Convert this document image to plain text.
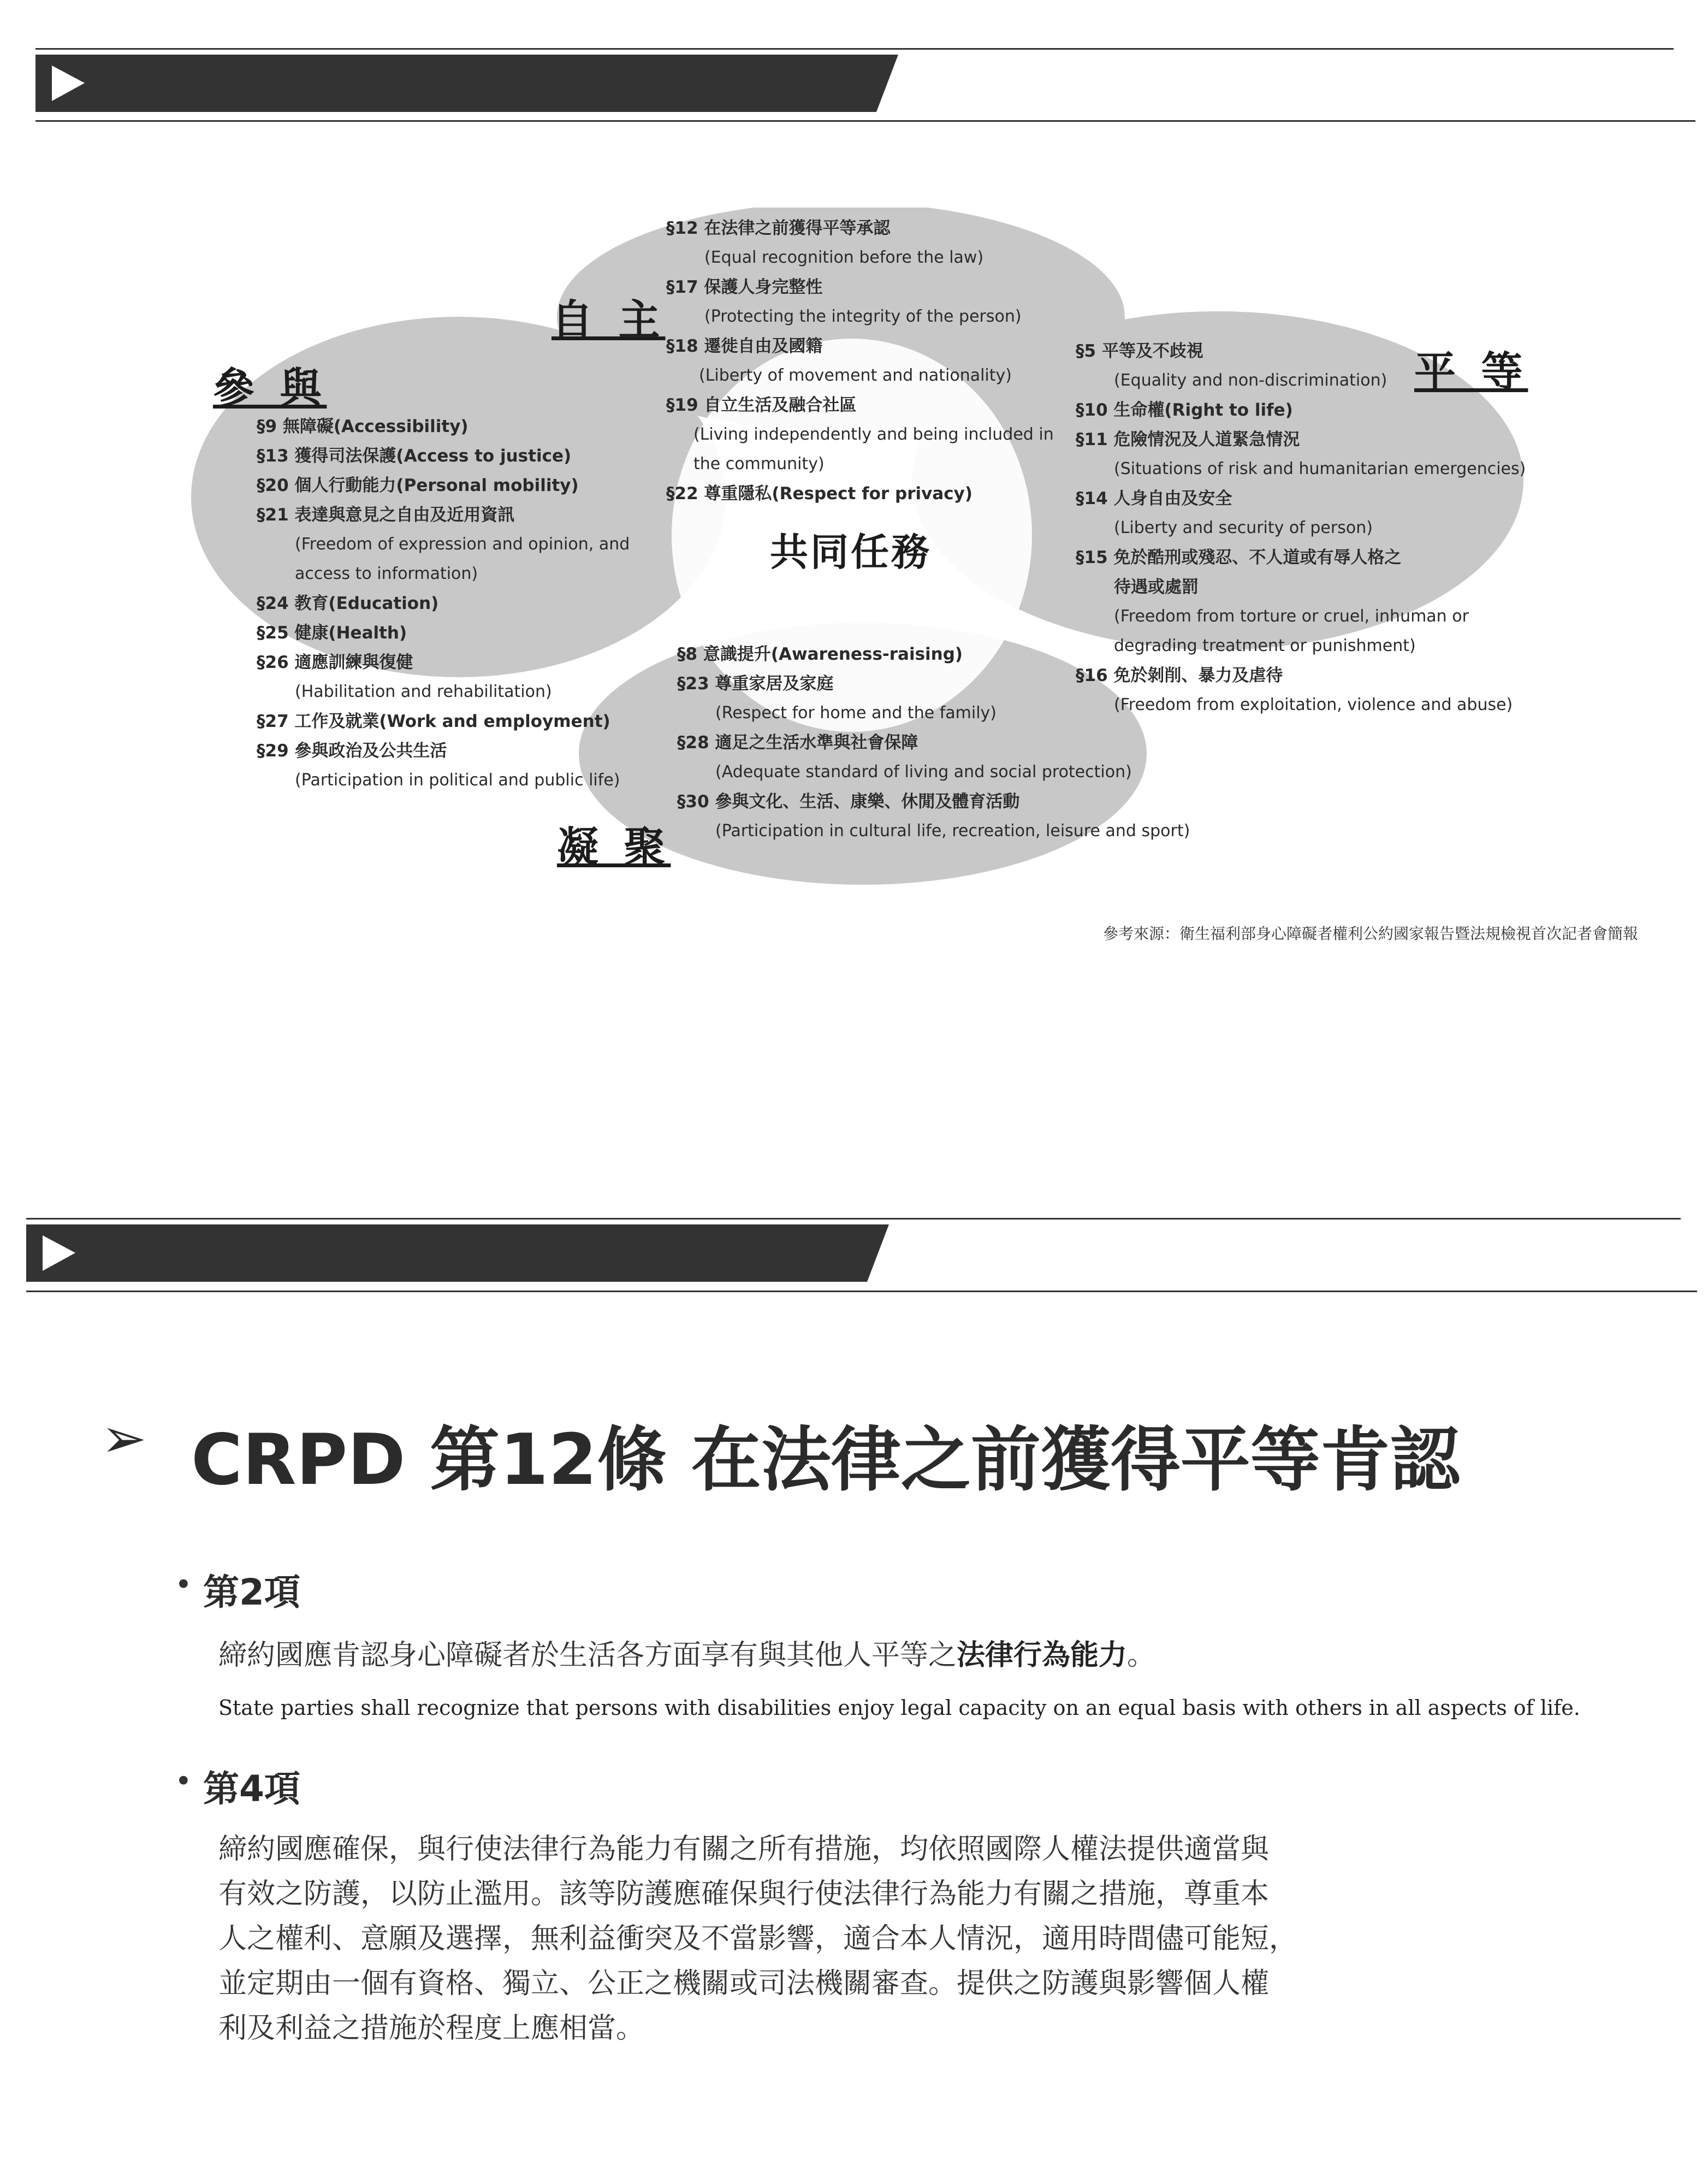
自 主
參 與	平 等
凝 聚
共同任務
§12 在法律之前獲得平等承認
(Equal recognition before the law)
§17 保護人身完整性
(Protecting the integrity of the person)
§18 遷徙自由及國籍
(Liberty of movement and nationality)
§19 自立生活及融合社區
(Living independently and being included in
the community)
§22 尊重隱私(Respect for privacy)
§9 無障礙(Accessibility)
§13 獲得司法保護(Access to justice)
§20 個人行動能力(Personal mobility)
§21 表達與意見之自由及近用資訊
(Freedom of expression and opinion, and
access to information)
§24 教育(Education)
§25 健康(Health)
§26 適應訓練與復健
(Habilitation and rehabilitation)
§27 工作及就業(Work and employment)
§29 參與政治及公共生活
(Participation in political and public life)
§5 平等及不歧視
(Equality and non-discrimination)
§10 生命權(Right to life)
§11 危險情況及人道緊急情況
(Situations of risk and humanitarian emergencies)
§14 人身自由及安全
(Liberty and security of person)
§15 免於酷刑或殘忍、不人道或有辱人格之
待遇或處罰
(Freedom from torture or cruel, inhuman or
degrading treatment or punishment)
§16 免於剝削、暴力及虐待
(Freedom from exploitation, violence and abuse)
§8 意識提升(Awareness-raising)
§23 尊重家居及家庭
(Respect for home and the family)
§28 適足之生活水準與社會保障
(Adequate standard of living and social protection)
§30 參與文化、生活、康樂、休閒及體育活動
(Participation in cultural life, recreation, leisure and sport)
參考來源：衛生福利部身心障礙者權利公約國家報告暨法規檢視首次記者會簡報
➢ CRPD 第12條 在法律之前獲得平等肯認
• 第2項
締約國應肯認身心障礙者於生活各方面享有與其他人平等之法律行為能力。
State parties shall recognize that persons with disabilities enjoy legal capacity on an equal basis with others in all aspects of life.
• 第4項
締約國應確保，與行使法律行為能力有關之所有措施，均依照國際人權法提供適當與
有效之防護，以防止濫用。該等防護應確保與行使法律行為能力有關之措施，尊重本
人之權利、意願及選擇，無利益衝突及不當影響，適合本人情況，適用時間儘可能短，
並定期由一個有資格、獨立、公正之機關或司法機關審查。提供之防護與影響個人權
利及利益之措施於程度上應相當。
